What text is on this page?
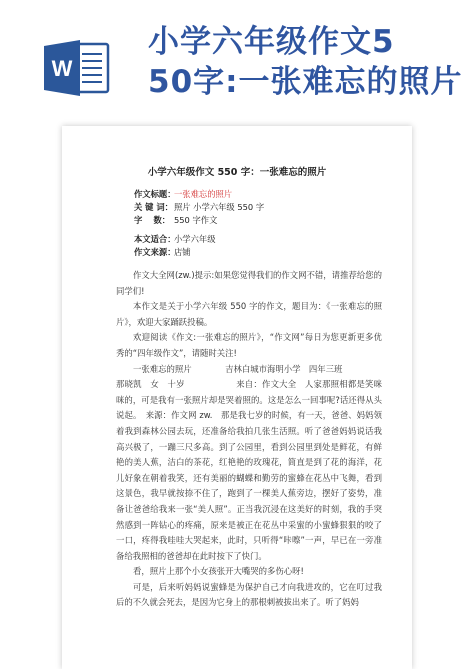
W
小学六年级作文5
50字:一张难忘的照片
小学六年级作文 550 字：一张难忘的照片
作文标题：一张难忘的照片
关 键 词：照片 小学六年级 550 字
字　 数： 550 字作文
本文适合：小学六年级
作文来源：店铺

作文大全网(zw.)提示:如果您觉得我们的作文网不错，请推荐给您的同学们!

本作文是关于小学六年级 550 字的作文，题目为：《一张难忘的照片》，欢迎大家踊跃投稿。

欢迎阅读《作文:一张难忘的照片》，“作文网”每日为您更新更多优秀的“四年级作文”，请随时关注!

一张难忘的照片　　　　吉林白城市海明小学　四年三班

那晓凯　女　十岁　　　　　　来自：作文大全　人家那照相都是笑咪咪的，可是我有一张照片却是哭着照的。这是怎么一回事呢?话还得从头说起。　来源：作文网 zw.　那是我七岁的时候，有一天，爸爸、妈妈领着我到森林公园去玩，还准备给我拍几张生活照。听了爸爸妈妈说话我高兴极了，一蹦三尺多高。到了公园里，看到公园里到处是鲜花，有鲜艳的美人蕉，洁白的茶花，红艳艳的玫瑰花，简直是到了花的海洋，花儿好象在朝着我笑，还有美丽的蝴蝶和勤劳的蜜蜂在花丛中飞舞，看到这景色，我早就按捺不住了，跑到了一棵美人蕉旁边，摆好了姿势，准备让爸爸给我来一张“美人照”。正当我沉浸在这美好的时刻，我的手突然感到一阵钻心的疼痛，原来是被正在花丛中采蜜的小蜜蜂狠狠的咬了一口，疼得我哇哇大哭起来，此时，只听得“咔嚓”一声，早已在一旁准备给我照相的爸爸却在此时按下了快门。

看，照片上那个小女孩张开大嘴哭的多伤心呀!

可是，后来听妈妈说蜜蜂是为保护自己才向我进攻的，它在叮过我后的不久就会死去，是因为它身上的那根刺被拔出来了。听了妈妈
